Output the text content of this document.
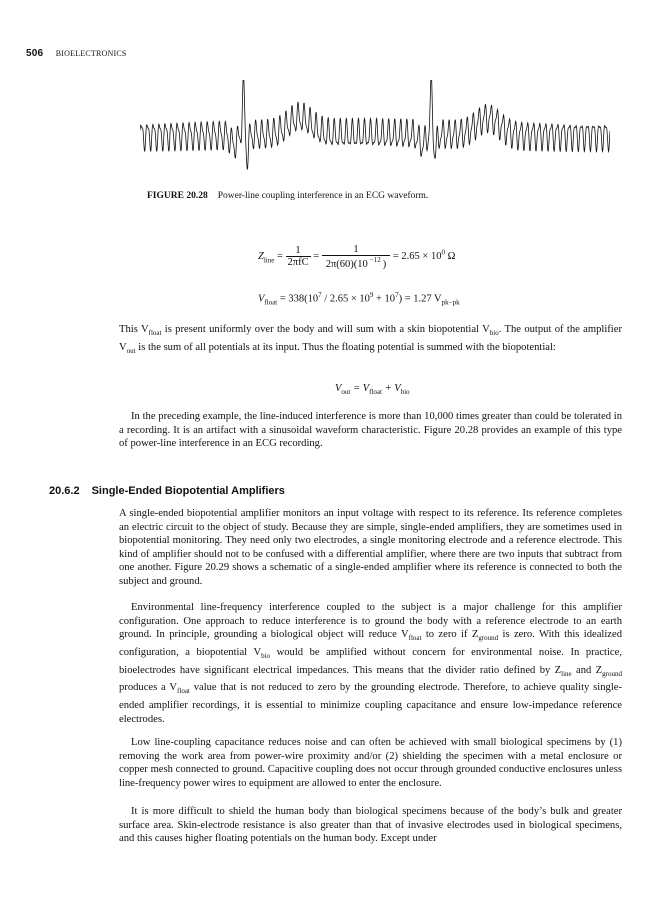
506 BIOELECTRONICS
FIGURE 20.28 Power-line coupling interference in an ECG waveform.
$Z_{line} = \frac{1}{\text{2πfC}} = \frac{1}{2\pi(60)(10 ^{-12} )} = 2.65 \times 10^0$ Ω
$V_{float} = 338(10^7 / 2.65 \times 10^9 + 10^7) = 1.27$ $V_{pk-pk}$

This $V_{float}$ is present uniformly over the body and will sum with a skin biopotential $V_{bio}$. The output of the amplifier $V_{out}$ is the sum of all potentials at its input. Thus the floating potential is summed with the biopotential:

$V_{out} = V_{float} + V_{bio}$

In the preceding example, the line-induced interference is more than 10,000 times greater than could be tolerated in a recording. It is an artifact with a sinusoidal waveform characteristic. Figure 20.28 provides an example of this type of power-line interference in an ECG recording.

20.6.2 Single-Ended Biopotential Amplifiers

A single-ended biopotential amplifier monitors an input voltage with respect to its reference. Its reference completes an electric circuit to the object of study. Because they are simple, single-ended amplifiers, they are sometimes used in biopotential monitoring. They need only two electrodes, a single monitoring electrode and a reference electrode. This kind of amplifier should not to be confused with a differential amplifier, where there are two inputs that subtract from one another. Figure 20.29 shows a schematic of a single-ended amplifier where its reference is connected to both the subject and ground.

Environmental line-frequency interference coupled to the subject is a major challenge for this amplifier configuration. One approach to reduce interference is to ground the body with a reference electrode to an earth ground. In principle, grounding a biological object will reduce $V_{float}$ to zero if $Z_{ground}$ is zero. With this idealized configuration, a biopotential $V_{bio}$ would be amplified without concern for environmental noise. In practice, bioelectrodes have significant electrical impedances. This means that the divider ratio defined by $Z_{line}$ and $Z_{ground}$ produces a $V_{float}$ value that is not reduced to zero by the grounding electrode. Therefore, to achieve quality single-ended amplifier recordings, it is essential to minimize coupling capacitance and ensure low-impedance reference electrodes.

Low line-coupling capacitance reduces noise and can often be achieved with small biological specimens by (1) removing the work area from power-wire proximity and/or (2) shielding the specimen with a metal enclosure or copper mesh connected to ground. Capacitive coupling does not occur through grounded conductive enclosures unless line-frequency power wires to equipment are allowed to enter the enclosure.

It is more difficult to shield the human body than biological specimens because of the body’s bulk and greater surface area. Skin-electrode resistance is also greater than that of invasive electrodes used in biological specimens, and this causes higher floating potentials on the human body. Except under
